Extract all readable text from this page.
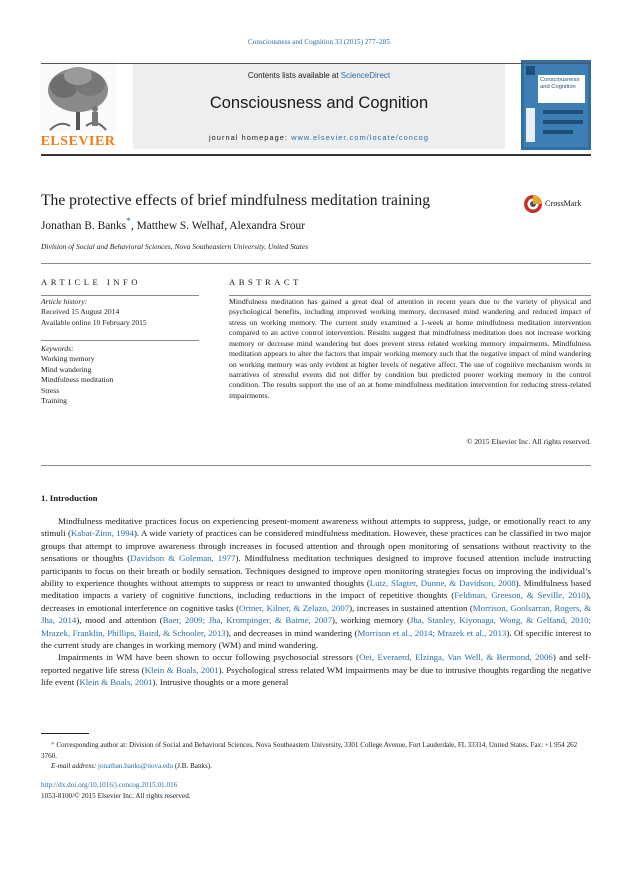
Consciousness and Cognition 33 (2015) 277–285
ELSEVIER
Contents lists available at ScienceDirect
Consciousness and Cognition
journal homepage: www.elsevier.com/locate/concog
Consciousness and Cognition
The protective effects of brief mindfulness meditation training
Jonathan B. Banks*, Matthew S. Welhaf, Alexandra Srour
Division of Social and Behavioral Sciences, Nova Southeastern University, United States
CrossMark
ARTICLE INFO
Article history:
Received 15 August 2014
Available online 10 February 2015
Keywords:
Working memory
Mind wandering
Mindfulness meditation
Stress
Training
ABSTRACT
Mindfulness meditation has gained a great deal of attention in recent years due to the variety of physical and psychological benefits, including improved working memory, decreased mind wandering and reduced impact of stress on working memory. The current study examined a 1-week at home mindfulness meditation intervention compared to an active control intervention. Results suggest that mindfulness meditation does not increase working memory or decrease mind wandering but does prevent stress related working memory impairments. Mindfulness meditation appears to alter the factors that impair working memory such that the negative impact of mind wandering on working memory was only evident at higher levels of negative affect. The use of cognitive mechanism words in narratives of stressful events did not differ by condition but predicted poorer working memory in the control condition. The results support the use of an at home mindfulness meditation intervention for reducing stress-related impairments.
© 2015 Elsevier Inc. All rights reserved.
1. Introduction

Mindfulness meditative practices focus on experiencing present-moment awareness without attempts to suppress, judge, or emotionally react to any stimuli (Kabat-Zinn, 1994). A wide variety of practices can be considered mindfulness meditation. However, these practices can be classified in two major groups that attempt to improve awareness through increases in focused attention and through open monitoring of sensations without reactivity to the sensations or thoughts (Davidson & Goleman, 1977). Mindfulness meditation techniques designed to improve focused attention include instructing participants to focus on their breath or bodily sensation. Techniques designed to improve open monitoring strategies focus on improving the individual’s ability to experience thoughts without attempts to suppress or react to unwanted thoughts (Lutz, Slagter, Dunne, & Davidson, 2008). Mindfulness based meditation impacts a variety of cognitive functions, including reductions in the impact of repetitive thoughts (Feldman, Greeson, & Seville, 2010), decreases in emotional interference on cognitive tasks (Ortner, Kilner, & Zelazo, 2007), increases in sustained attention (Morrison, Goolsarran, Rogers, & Jha, 2014), mood and attention (Baer, 2009; Jha, Krompinger, & Baime, 2007), working memory (Jha, Stanley, Kiyonaga, Wong, & Gelfand, 2010; Mrazek, Franklin, Phillips, Baird, & Schooler, 2013), and decreases in mind wandering (Morrison et al., 2014; Mrazek et al., 2013). Of specific interest to the current study are changes in working memory (WM) and mind wandering.

Impairments in WM have been shown to occur following psychosocial stressors (Oei, Everaerd, Elzinga, Van Well, & Bermond, 2006) and self-reported negative life stress (Klein & Boals, 2001). Psychological stress related WM impairments may be due to intrusive thoughts regarding the negative life event (Klein & Boals, 2001). Intrusive thoughts or a more general

* Corresponding author at: Division of Social and Behavioral Sciences, Nova Southeastern University, 3301 College Avenue, Fort Lauderdale, FL 33314, United States. Fax: +1 954 262 3760.
E-mail address: jonathan.banks@nova.edu (J.B. Banks).
http://dx.doi.org/10.1016/j.concog.2015.01.016
1053-8100/© 2015 Elsevier Inc. All rights reserved.
